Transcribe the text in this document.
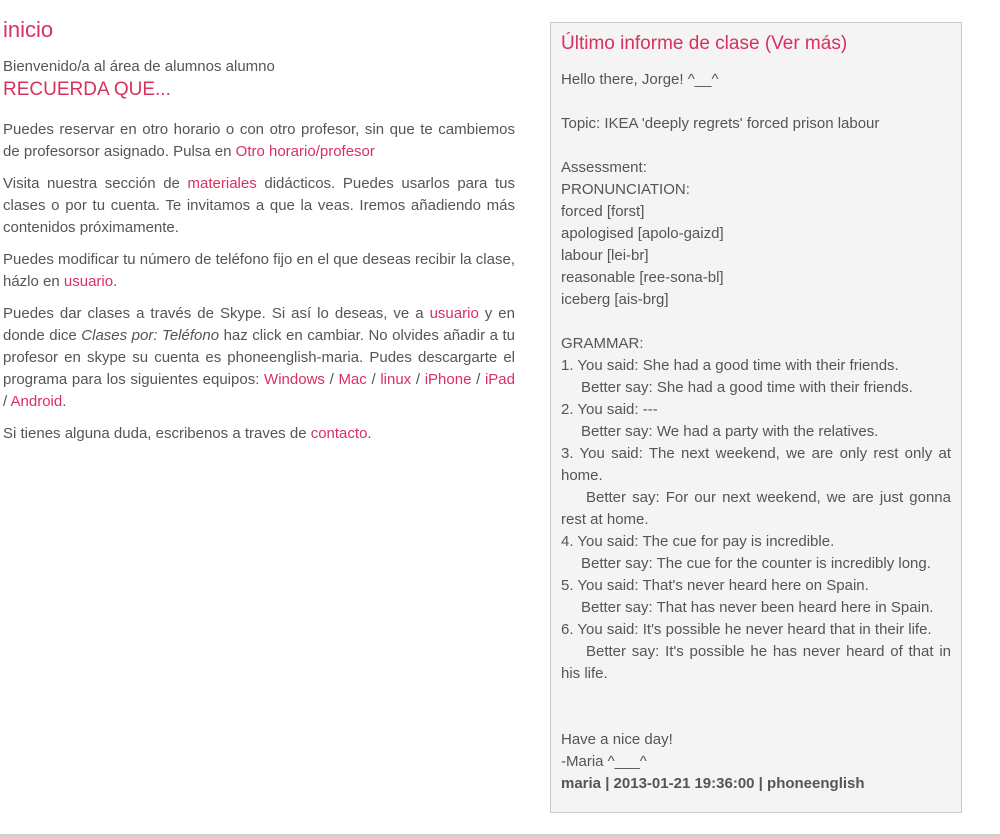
inicio

Bienvenido/a al área de alumnos alumno

RECUERDA QUE...

Puedes reservar en otro horario o con otro profesor, sin que te cambiemos de profesorsor asignado. Pulsa en Otro horario/profesor

Visita nuestra sección de materiales didácticos. Puedes usarlos para tus clases o por tu cuenta. Te invitamos a que la veas. Iremos añadiendo más contenidos próximamente.

Puedes modificar tu número de teléfono fijo en el que deseas recibir la clase, házlo en usuario.

Puedes dar clases a través de Skype. Si así lo deseas, ve a usuario y en donde dice Clases por: Teléfono haz click en cambiar. No olvides añadir a tu profesor en skype su cuenta es phoneenglish-maria. Pudes descargarte el programa para los siguientes equipos: Windows / Mac / linux / iPhone / iPad / Android.

Si tienes alguna duda, escribenos a traves de contacto.

Último informe de clase (Ver más)

Hello there, Jorge! ^__^

Topic: IKEA 'deeply regrets' forced prison labour

Assessment:

PRONUNCIATION:

forced [forst]

apologised [apolo-gaizd]

labour [lei-br]

reasonable [ree-sona-bl]

iceberg [ais-brg]

GRAMMAR:

1. You said: She had a good time with their friends.

Better say: She had a good time with their friends.

2. You said: ---

Better say: We had a party with the relatives.

3. You said: The next weekend, we are only rest only at home.

Better say: For our next weekend, we are just gonna rest at home.

4. You said: The cue for pay is incredible.

Better say: The cue for the counter is incredibly long.

5. You said: That's never heard here on Spain.

Better say: That has never been heard here in Spain.

6. You said: It's possible he never heard that in their life.

Better say: It's possible he has never heard of that in his life.

Have a nice day!

-Maria ^___^

maria | 2013-01-21 19:36:00 | phoneenglish
